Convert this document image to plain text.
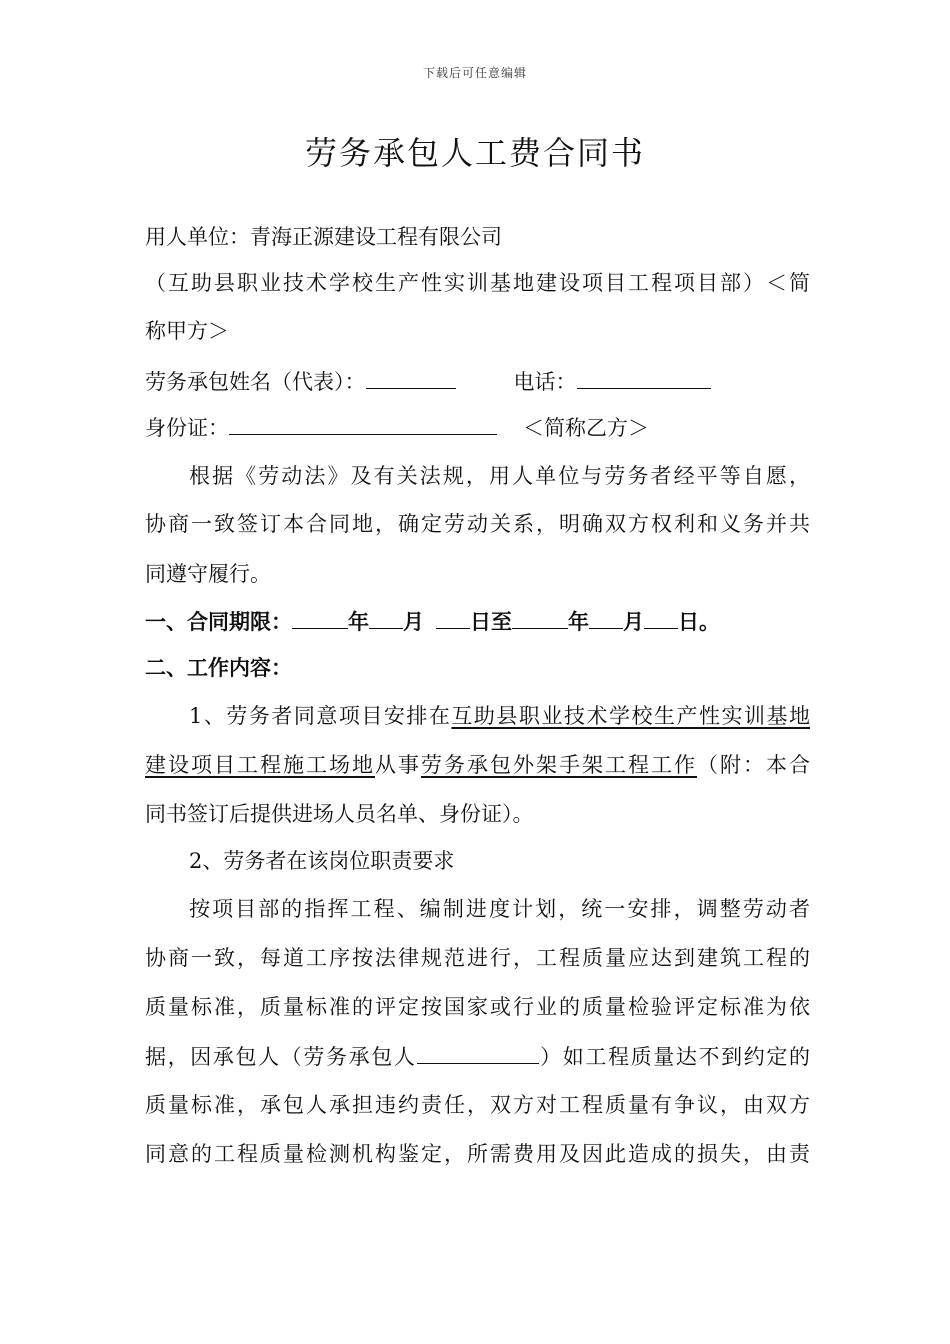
下载后可任意编辑
劳务承包人工费合同书
用人单位：青海正源建设工程有限公司
（互助县职业技术学校生产性实训基地建设项目工程项目部）＜简
称甲方＞
劳务承包姓名（代表）：	电话：
身份证：	＜简称乙方＞
根据《劳动法》及有关法规，用人单位与劳务者经平等自愿，
协商一致签订本合同地，确定劳动关系，明确双方权利和义务并共
同遵守履行。
一、合同期限：	年 月 日至	年 月 日。
二、工作内容：
1、劳务者同意项目安排在互助县职业技术学校生产性实训基地
建设项目工程施工场地从事劳务承包外架手架工程工作（附：本合
同书签订后提供进场人员名单、身份证）。
2、劳务者在该岗位职责要求
按项目部的指挥工程、编制进度计划，统一安排，调整劳动者
协商一致，每道工序按法律规范进行，工程质量应达到建筑工程的
质量标准，质量标准的评定按国家或行业的质量检验评定标准为依
据，因承包人（劳务承包人	）如工程质量达不到约定的
质量标准，承包人承担违约责任，双方对工程质量有争议，由双方
同意的工程质量检测机构鉴定，所需费用及因此造成的损失，由责
